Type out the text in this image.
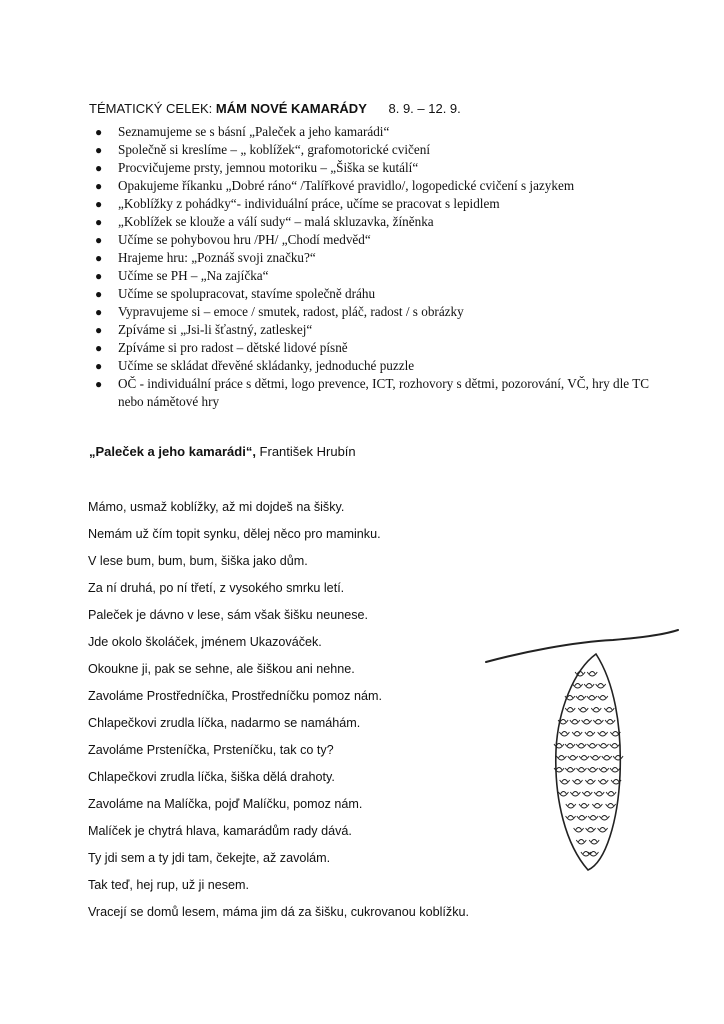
TÉMATICKÝ CELEK: MÁM NOVÉ KAMARÁDY 8. 9. – 12. 9.
● Seznamujeme se s básní „Paleček a jeho kamarádi“
● Společně si kreslíme – „ koblížek“, grafomotorické cvičení
● Procvičujeme prsty, jemnou motoriku – „Šiška se kutálí“
● Opakujeme říkanku „Dobré ráno“ /Talířkové pravidlo/, logopedické cvičení s jazykem
● „Koblížky z pohádky“- individuální práce, učíme se pracovat s lepidlem
● „Koblížek se klouže a válí sudy“ – malá skluzavka, žíněnka
● Učíme se pohybovou hru /PH/ „Chodí medvěd“
● Hrajeme hru: „Poznáš svoji značku?“
● Učíme se PH – „Na zajíčka“
● Učíme se spolupracovat, stavíme společně dráhu
● Vypravujeme si – emoce / smutek, radost, pláč, radost / s obrázky
● Zpíváme si „Jsi-li šťastný, zatleskej“
● Zpíváme si pro radost – dětské lidové písně
● Učíme se skládat dřevěné skládanky, jednoduché puzzle
● OČ - individuální práce s dětmi, logo prevence, ICT, rozhovory s dětmi, pozorování, VČ, hry dle TC nebo námětové hry
„Paleček a jeho kamarádi“, František Hrubín
Mámo, usmaž koblížky, až mi dojdeš na šišky.
Nemám už čím topit synku, dělej něco pro maminku.
V lese bum, bum, bum, šiška jako dům.
Za ní druhá, po ní třetí, z vysokého smrku letí.
Paleček je dávno v lese, sám však šišku neunese.
Jde okolo školáček, jménem Ukazováček.
Okoukne ji, pak se sehne, ale šiškou ani nehne.
Zavoláme Prostředníčka, Prostředníčku pomoz nám.
Chlapečkovi zrudla líčka, nadarmo se namáhám.
Zavoláme Prsteníčka, Prsteníčku, tak co ty?
Chlapečkovi zrudla líčka, šiška dělá drahoty.
Zavoláme na Malíčka, pojď Malíčku, pomoz nám.
Malíček je chytrá hlava, kamarádům rady dává.
Ty jdi sem a ty jdi tam, čekejte, až zavolám.
Tak teď, hej rup, už ji nesem.
Vracejí se domů lesem, máma jim dá za šišku, cukrovanou koblížku.
